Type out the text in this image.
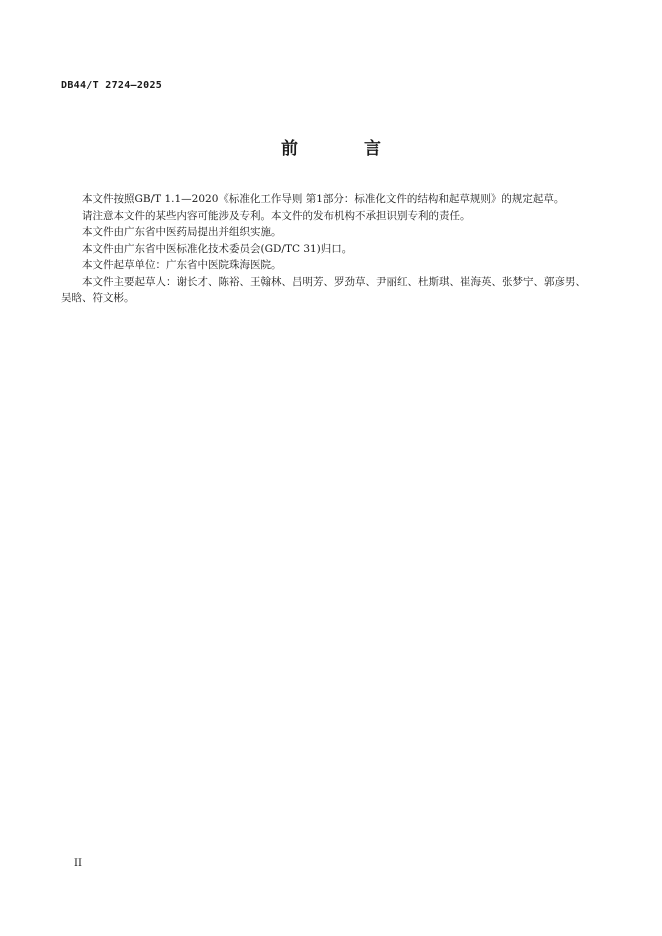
DB44/T 2724—2025
前 言

本文件按照GB/T 1.1—2020《标准化工作导则 第1部分：标准化文件的结构和起草规则》的规定起草。

请注意本文件的某些内容可能涉及专利。本文件的发布机构不承担识别专利的责任。

本文件由广东省中医药局提出并组织实施。

本文件由广东省中医标准化技术委员会(GD/TC 31)归口。

本文件起草单位：广东省中医院珠海医院。

本文件主要起草人：谢长才、陈裕、王翰林、吕明芳、罗劲草、尹丽红、杜斯琪、崔海英、张梦宁、郭彦男、吴晗、符文彬。

II
